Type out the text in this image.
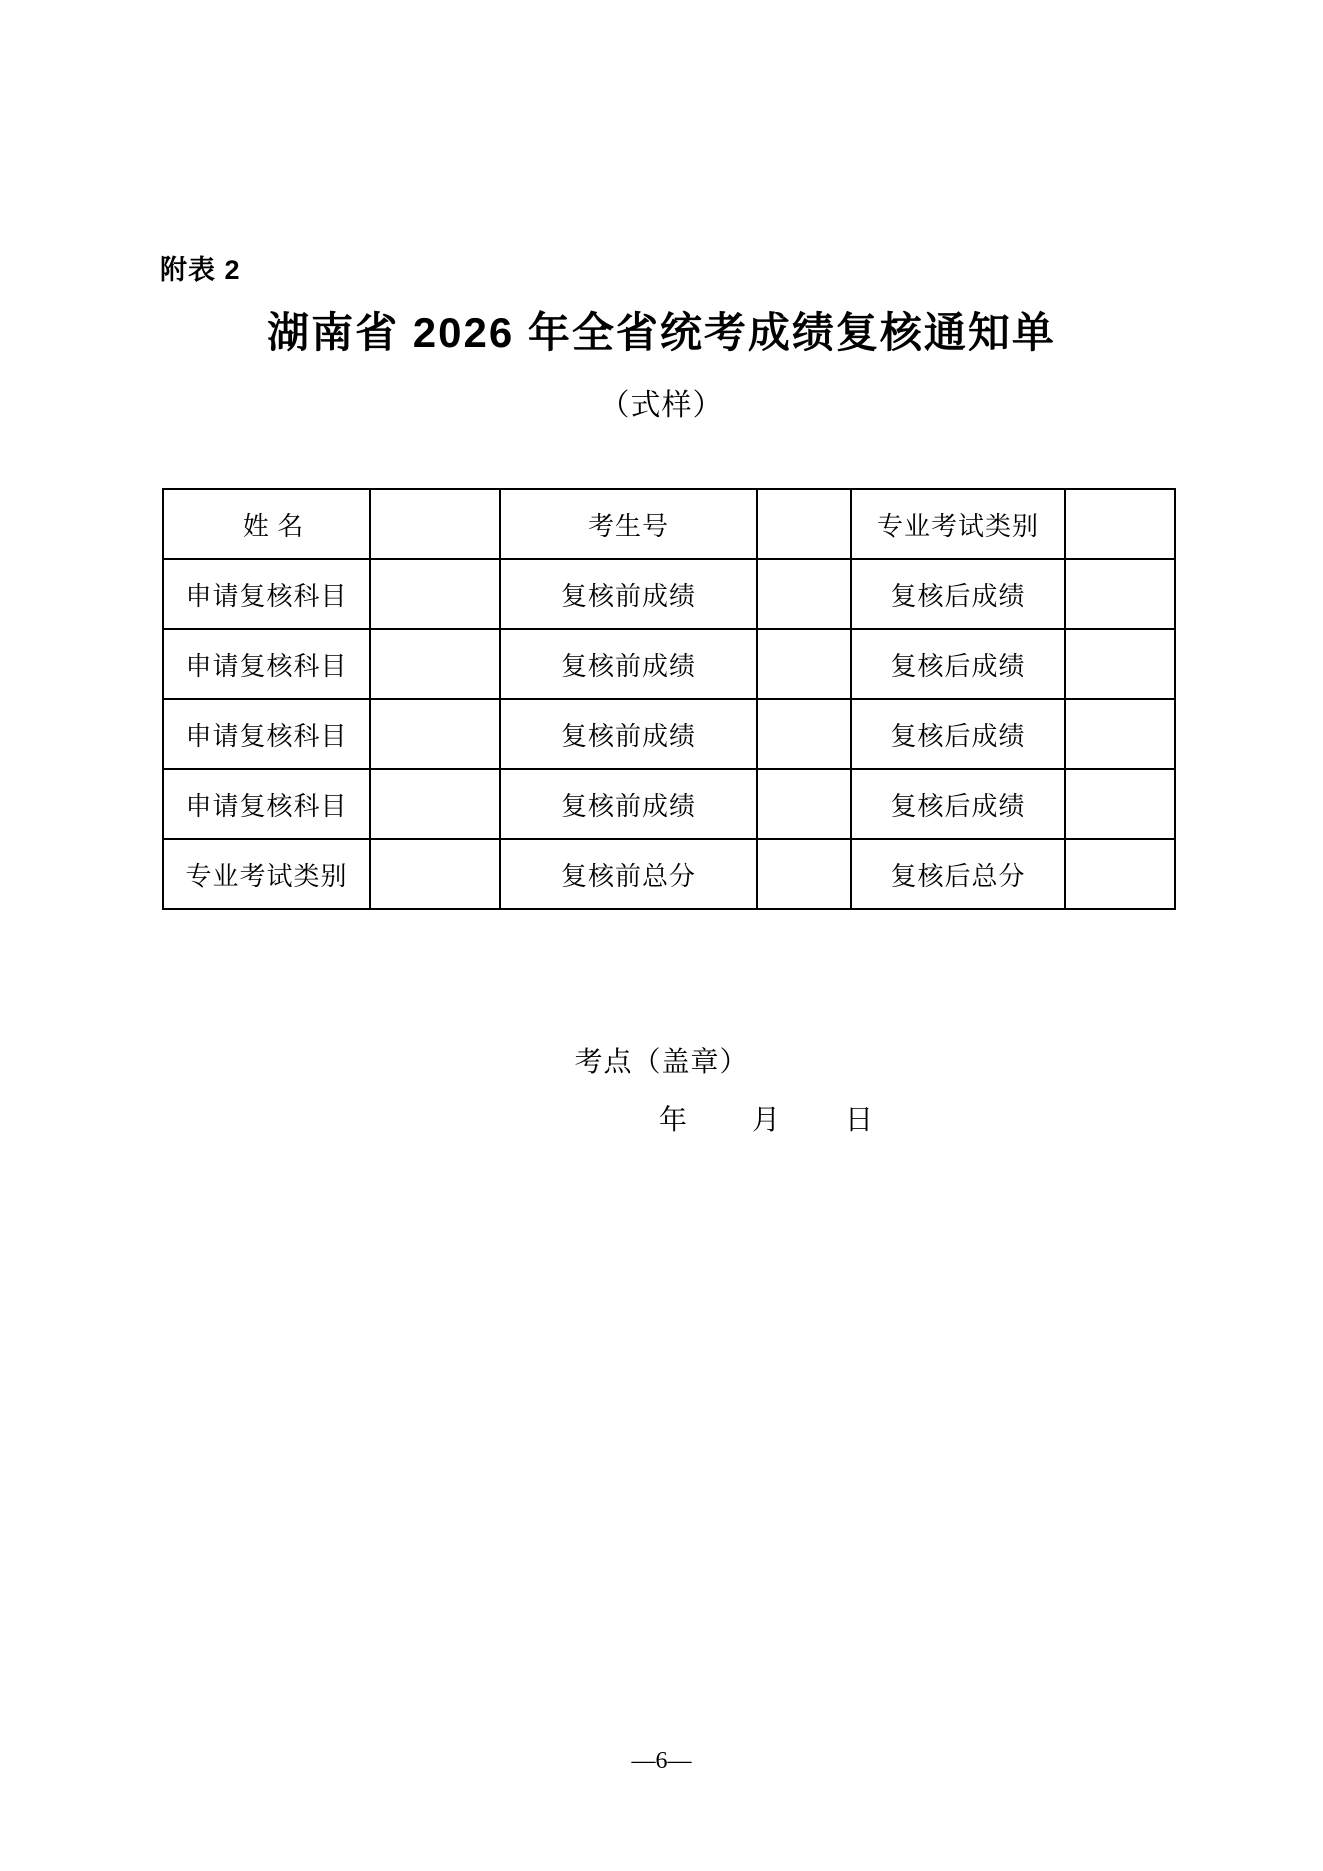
附表 2
湖南省 2026 年全省统考成绩复核通知单
（式样）
姓 名		考生号		专业考试类别	
申请复核科目		复核前成绩		复核后成绩	
申请复核科目		复核前成绩		复核后成绩	
申请复核科目		复核前成绩		复核后成绩	
申请复核科目		复核前成绩		复核后成绩	
专业考试类别		复核前总分		复核后总分	
考点（盖章）
年 月 日
—6—
